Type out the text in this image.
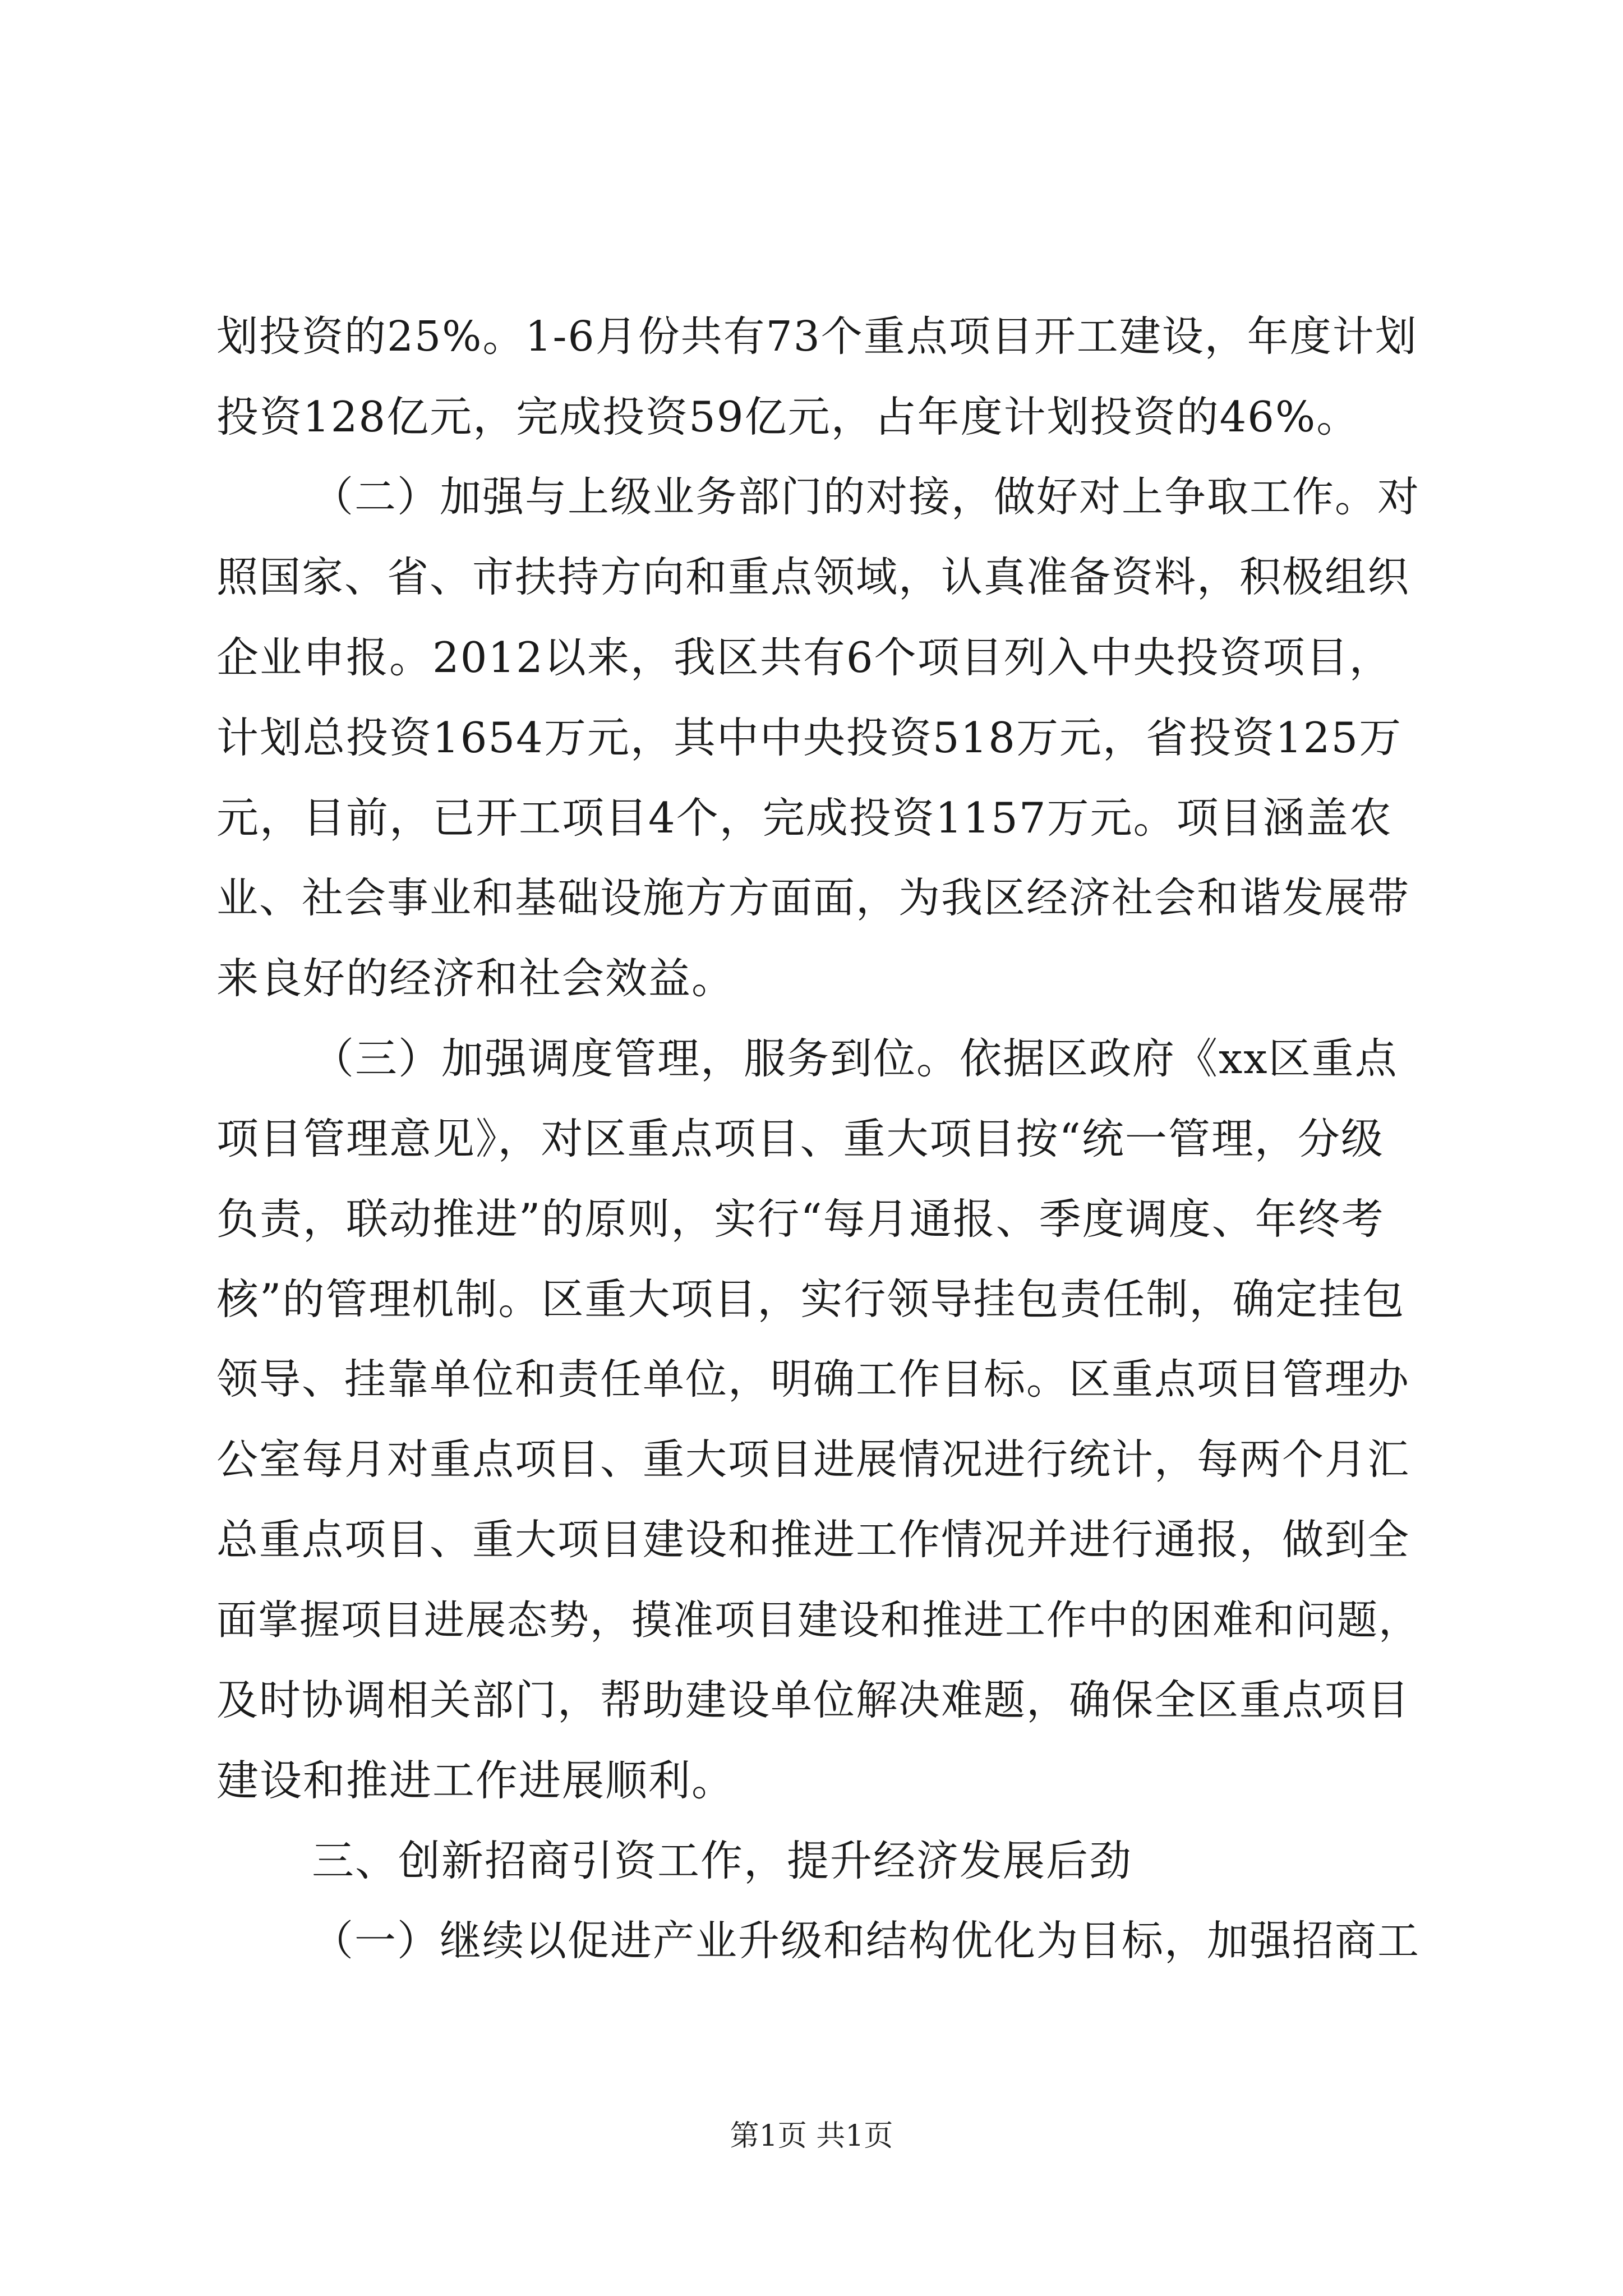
划投资的25%。1-6月份共有73个重点项目开工建设，年度计划
投资128亿元，完成投资59亿元，占年度计划投资的46%。
（二）加强与上级业务部门的对接，做好对上争取工作。对
照国家、省、市扶持方向和重点领域，认真准备资料，积极组织
企业申报。2012以来，我区共有6个项目列入中央投资项目，
计划总投资1654万元，其中中央投资518万元，省投资125万
元，目前，已开工项目4个，完成投资1157万元。项目涵盖农
业、社会事业和基础设施方方面面，为我区经济社会和谐发展带
来良好的经济和社会效益。
（三）加强调度管理，服务到位。依据区政府《xx区重点
项目管理意见》，对区重点项目、重大项目按“统一管理，分级
负责，联动推进”的原则，实行“每月通报、季度调度、年终考
核”的管理机制。区重大项目，实行领导挂包责任制，确定挂包
领导、挂靠单位和责任单位，明确工作目标。区重点项目管理办
公室每月对重点项目、重大项目进展情况进行统计，每两个月汇
总重点项目、重大项目建设和推进工作情况并进行通报，做到全
面掌握项目进展态势，摸准项目建设和推进工作中的困难和问题，
及时协调相关部门，帮助建设单位解决难题，确保全区重点项目
建设和推进工作进展顺利。
三、创新招商引资工作，提升经济发展后劲
（一）继续以促进产业升级和结构优化为目标，加强招商工
第1页 共1页
